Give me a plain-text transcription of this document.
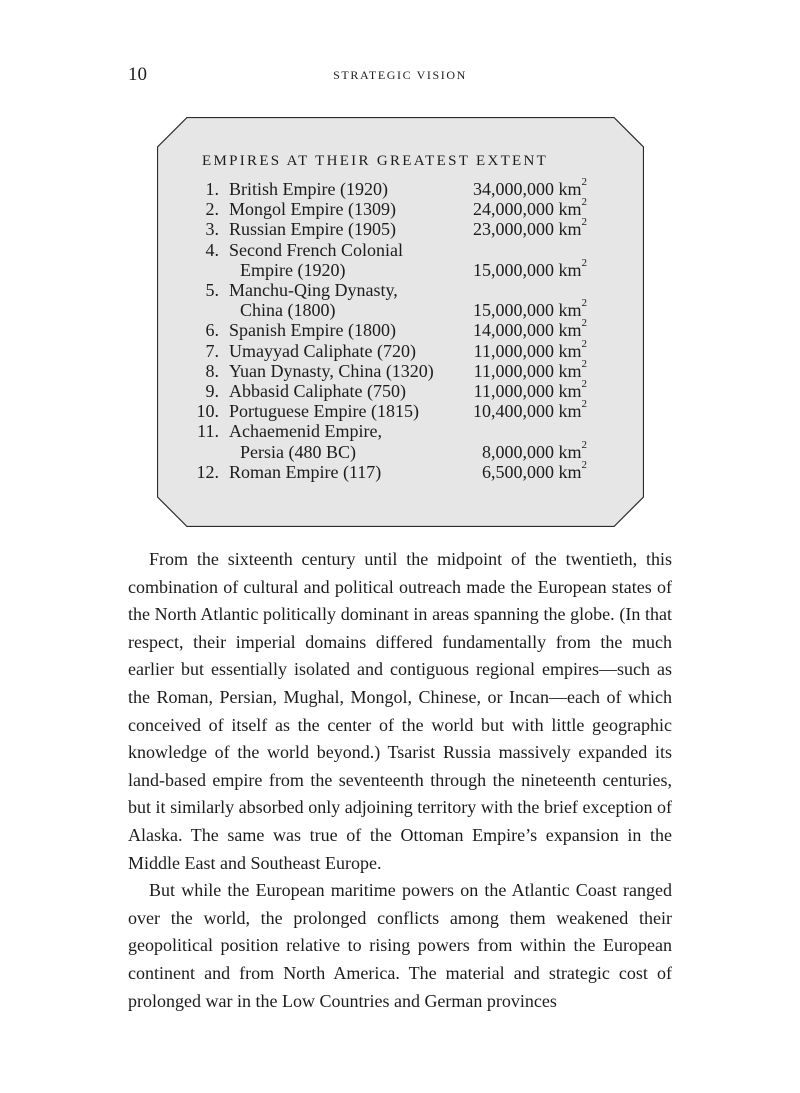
10	STRATEGIC VISION
EMPIRES AT THEIR GREATEST EXTENT
1. British Empire (1920)	34,000,000 $km^2$
2. Mongol Empire (1309)	24,000,000 $km^2$
3. Russian Empire (1905)	23,000,000 $km^2$
4. Second French Colonial
Empire (1920)	15,000,000 $km^2$
5. Manchu-Qing Dynasty,
China (1800)	15,000,000 $km^2$
6. Spanish Empire (1800)	14,000,000 $km^2$
7. Umayyad Caliphate (720)	11,000,000 $km^2$
8. Yuan Dynasty, China (1320)	11,000,000 $km^2$
9. Abbasid Caliphate (750)	11,000,000 $km^2$
10. Portuguese Empire (1815)	10,400,000 $km^2$
11. Achaemenid Empire,
Persia (480 BC)	8,000,000 $km^2$
12. Roman Empire (117)	6,500,000 $km^2$

From the sixteenth century until the midpoint of the twentieth, this combination of cultural and political outreach made the European states of the North Atlantic politically dominant in areas spanning the globe. (In that respect, their imperial domains differed fundamentally from the much earlier but essentially isolated and contiguous regional empires—such as the Roman, Persian, Mughal, Mongol, Chinese, or Incan—each of which conceived of itself as the center of the world but with little geographic knowledge of the world beyond.) Tsarist Russia massively expanded its land-based empire from the seventeenth through the nineteenth centuries, but it similarly absorbed only adjoining territory with the brief exception of Alaska. The same was true of the Ottoman Empire’s expansion in the Middle East and Southeast Europe.

But while the European maritime powers on the Atlantic Coast ranged over the world, the prolonged conflicts among them weakened their geopolitical position relative to rising powers from within the European continent and from North America. The material and strategic cost of prolonged war in the Low Countries and German provinces
